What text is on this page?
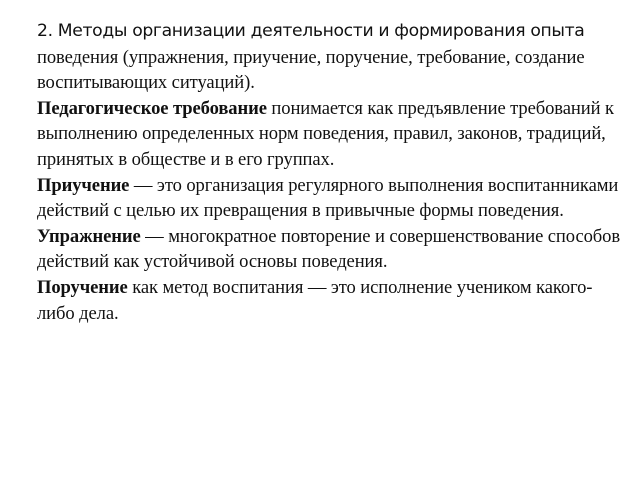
2. Методы организации деятельности и формирования опыта поведения (упражнения, приучение, поручение, требование, создание воспитывающих ситуаций).

Педагогическое требование понимается как предъявление требований к выполнению определенных норм поведения, правил, законов, традиций, принятых в обществе и в его группах.

Приучение — это организация регулярного выполнения воспитанниками действий с целью их превращения в привычные формы поведения.

Упражнение — многократное повторение и совершенствование способов действий как устойчивой основы поведения.

Поручение как метод воспитания — это исполнение учеником какого-либо дела.
